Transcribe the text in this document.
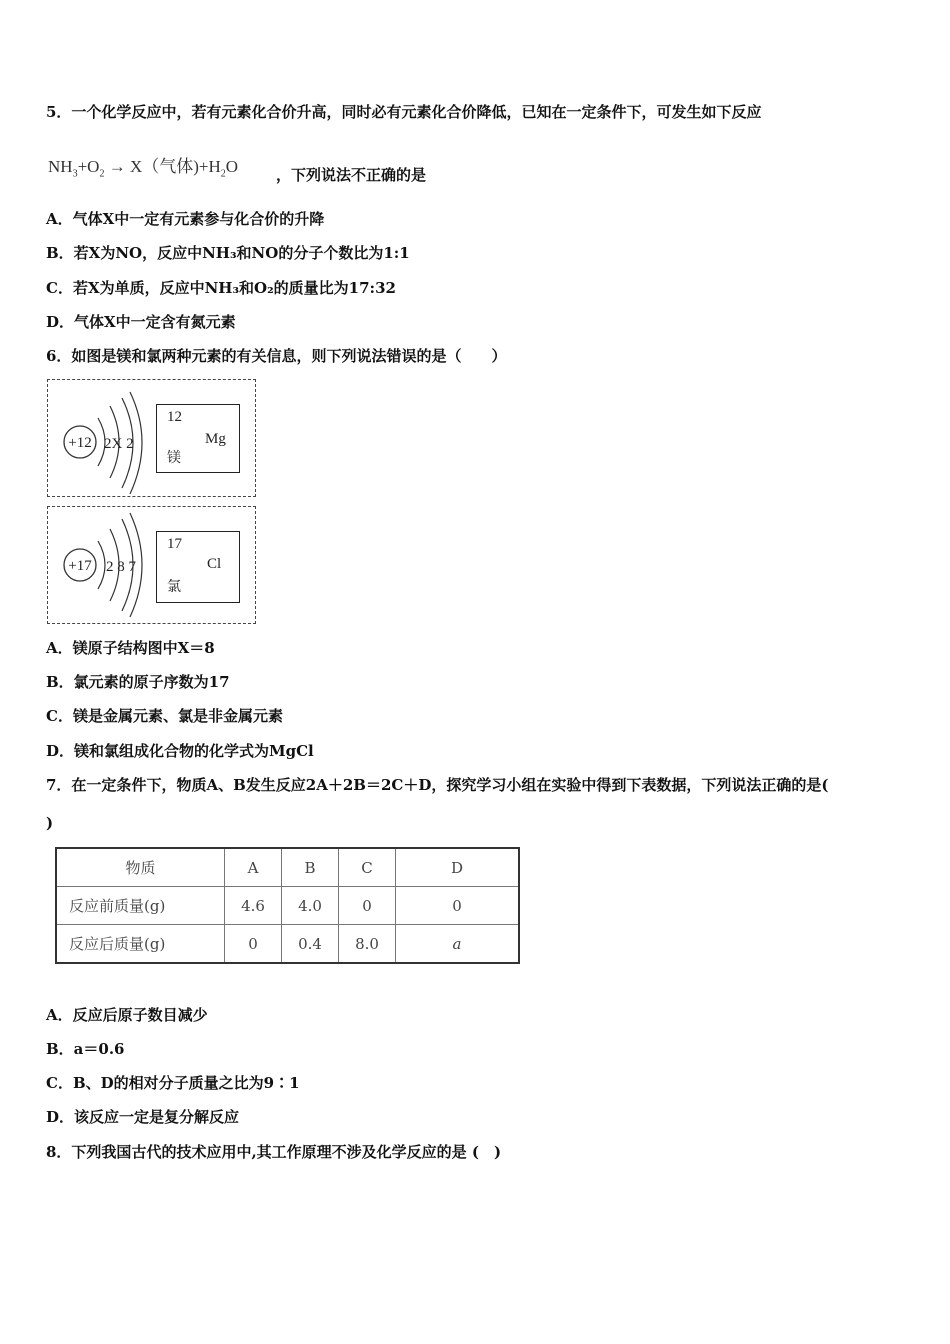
5．一个化学反应中，若有元素化合价升高，同时必有元素化合价降低，已知在一定条件下，可发生如下反应
$NH_3+O_2 \to X$（气体)$+H_2O$	，下列说法不正确的是
A．气体X中一定有元素参与化合价的升降
B．若X为NO，反应中NH₃和NO的分子个数比为1:1
C．若X为单质，反应中NH₃和O₂的质量比为17:32
D．气体X中一定含有氮元素
6．如图是镁和氯两种元素的有关信息，则下列说法错误的是（　　）
+12 2X 2
12
Mg
镁
+17 2 8 7
17
Cl
氯
A．镁原子结构图中X＝8
B．氯元素的原子序数为17
C．镁是金属元素、氯是非金属元素
D．镁和氯组成化合物的化学式为MgCl
7．在一定条件下，物质A、B发生反应2A＋2B＝2C＋D，探究学习小组在实验中得到下表数据，下列说法正确的是(
)
物质	A	B	C	D
反应前质量(g)	4.6	4.0	0	0
反应后质量(g)	0	0.4	8.0	a
A．反应后原子数目减少
B．a＝0.6
C．B、D的相对分子质量之比为9∶1
D．该反应一定是复分解反应
8．下列我国古代的技术应用中,其工作原理不涉及化学反应的是 (　)
